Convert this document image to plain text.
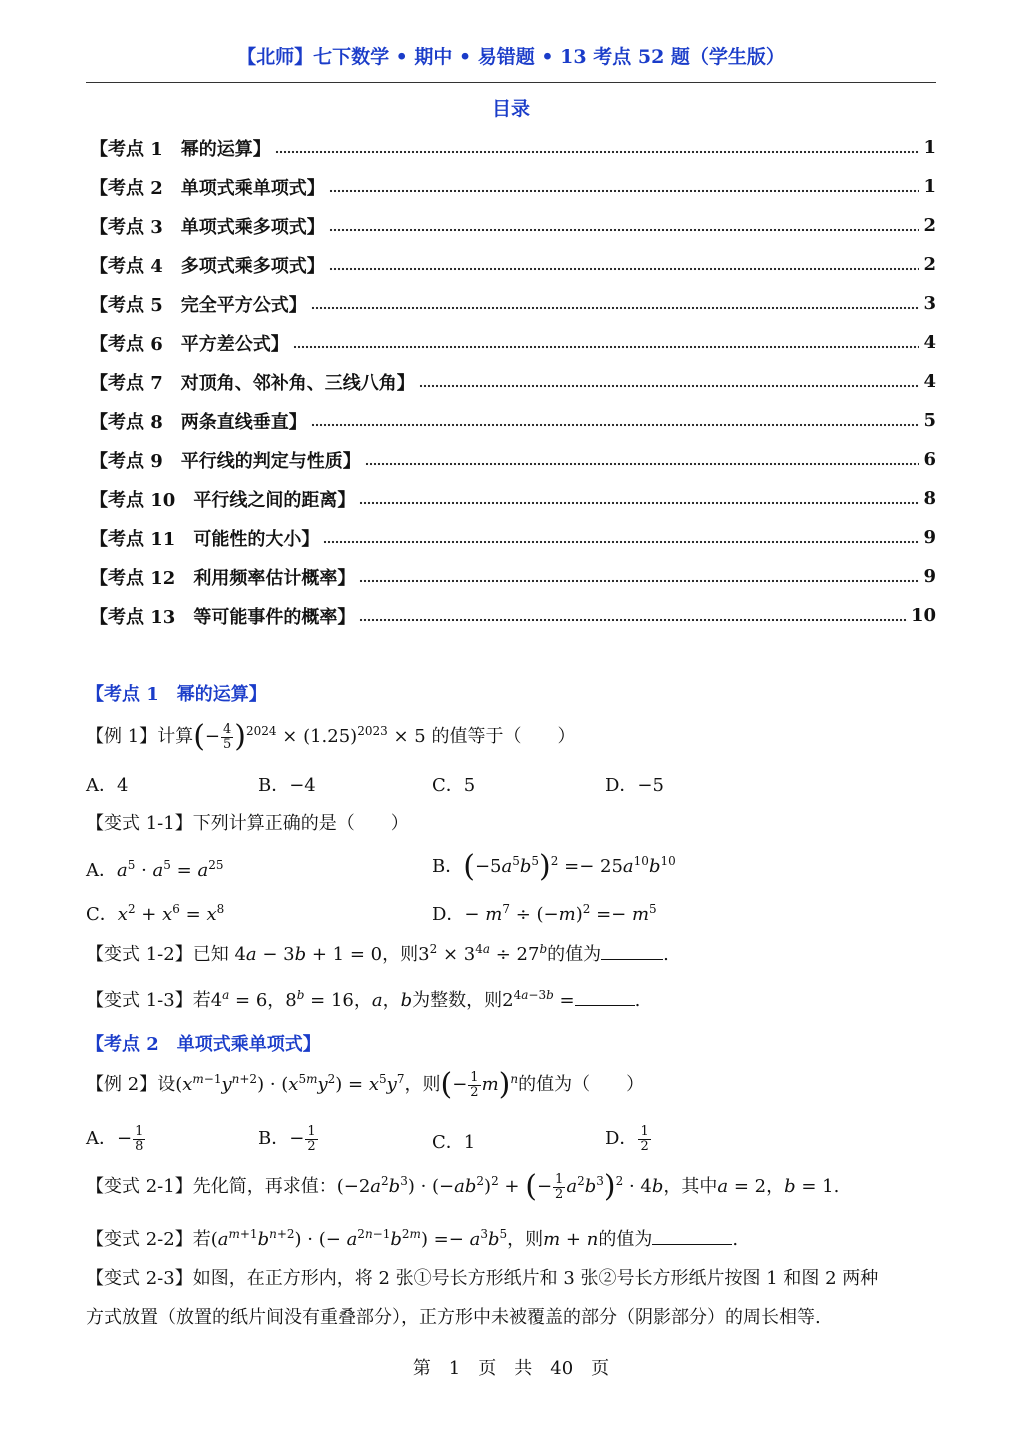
【北师】七下数学 • 期中 • 易错题 • 13 考点 52 题（学生版）
目录
【考点 1　幂的运算】	1
【考点 2　单项式乘单项式】	1
【考点 3　单项式乘多项式】	2
【考点 4　多项式乘多项式】	2
【考点 5　完全平方公式】	3
【考点 6　平方差公式】	4
【考点 7　对顶角、邻补角、三线八角】	4
【考点 8　两条直线垂直】	5
【考点 9　平行线的判定与性质】	6
【考点 10　平行线之间的距离】	8
【考点 11　可能性的大小】	9
【考点 12　利用频率估计概率】	9
【考点 13　等可能事件的概率】	10
【考点 1　幂的运算】
【例 1】计算(− $\frac{4}{5} )^{2024} \times (1.25)^{2023} \times 5$ 的值等于（　　）
A．4	B．−4	C．5	D．−5
【变式 1-1】下列计算正确的是（　　）
A．$a^5 \cdot a^5 = a^{25}$	B．$(-5a^5b^5)^2 =- 25a^{10}b^{10}$
C．$x^2 + x^6 = x^8$	D．− $m^7 \div (-m)^2 =- m^5$
【变式 1-2】已知 4a − 3b + 1 = 0，则$3^2 \times 3^{4a} \div 27^b$的值为	.
【变式 1-3】若$4^a = 6$，$8^b = 16$，a，b为整数，则$2^{4a-3b}$ =	.
【考点 2　单项式乘单项式】
【例 2】设$(x^{m-1}y^{n+2}) \cdot (x^{5m}y^2) = x^5y^7$，则(− $\frac{1}{2} m)^n$的值为（　　）
A．− $\frac{1}{8}$	B．− $\frac{1}{2}$	C．1	D． $\frac{1}{2}$
【变式 2-1】先化简，再求值：$(-2a^2b^3) \cdot (-ab^2)^2$ + (− $\frac{1}{2} a^2b^3)^2 \cdot 4b$，其中a = 2，b = 1.
【变式 2-2】若$(a^{m+1}b^{n+2})$ · (− $a^{2n-1}b^{2m}) =- a^3b^5$，则m + n的值为	.
【变式 2-3】如图，在正方形内，将 2 张①号长方形纸片和 3 张②号长方形纸片按图 1 和图 2 两种
方式放置（放置的纸片间没有重叠部分），正方形中未被覆盖的部分（阴影部分）的周长相等.
第　1　页　共　40　页
